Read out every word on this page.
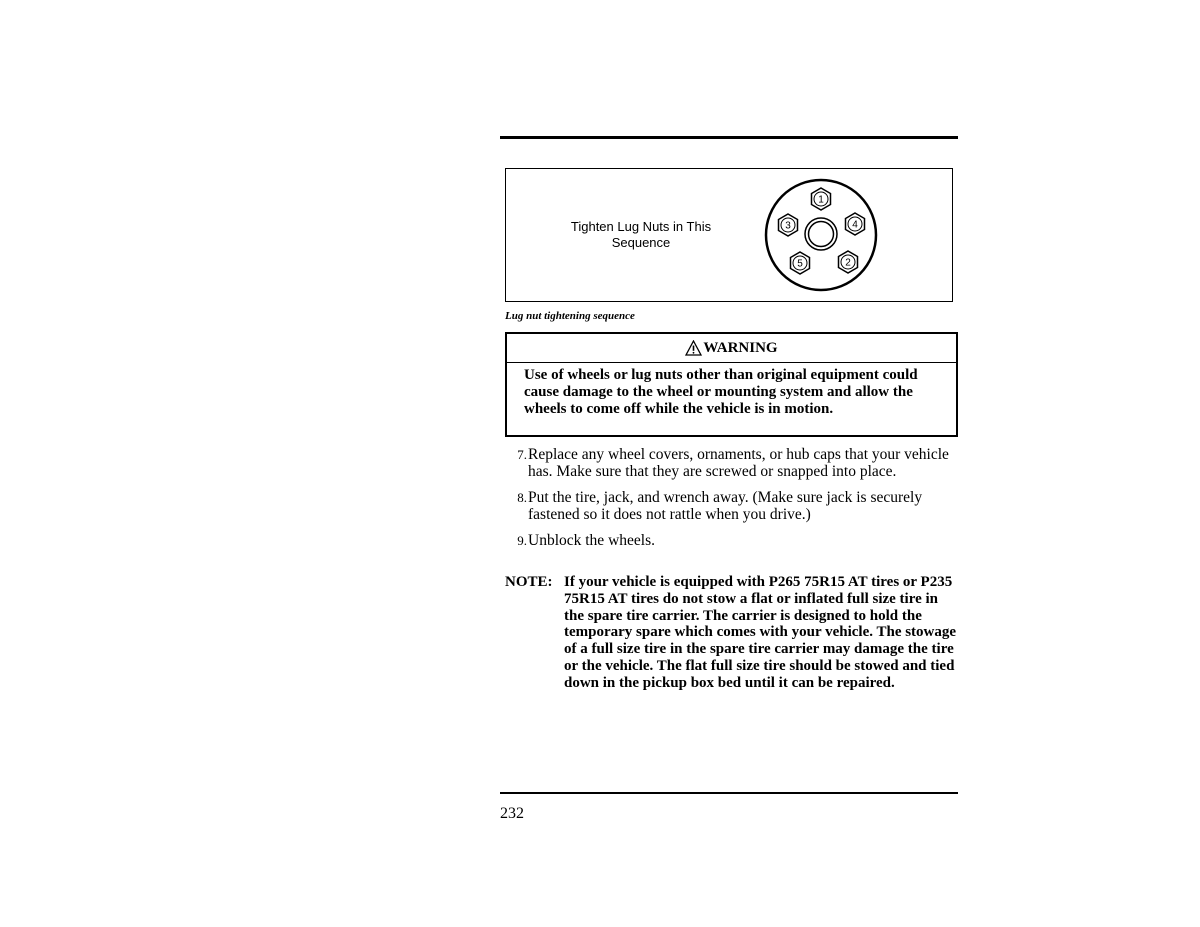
Tighten Lug Nuts in This Sequence
1
2
3	4
5
Lug nut tightening sequence
WARNING
Use of wheels or lug nuts other than original equipment could cause damage to the wheel or mounting system and allow the wheels to come off while the vehicle is in motion.
7. Replace any wheel covers, ornaments, or hub caps that your vehicle has. Make sure that they are screwed or snapped into place.
8. Put the tire, jack, and wrench away. (Make sure jack is securely fastened so it does not rattle when you drive.)
9. Unblock the wheels.
NOTE: If your vehicle is equipped with P265 75R15 AT tires or P235 75R15 AT tires do not stow a flat or inflated full size tire in the spare tire carrier. The carrier is designed to hold the temporary spare which comes with your vehicle. The stowage of a full size tire in the spare tire carrier may damage the tire or the vehicle. The flat full size tire should be stowed and tied down in the pickup box bed until it can be repaired.
232
